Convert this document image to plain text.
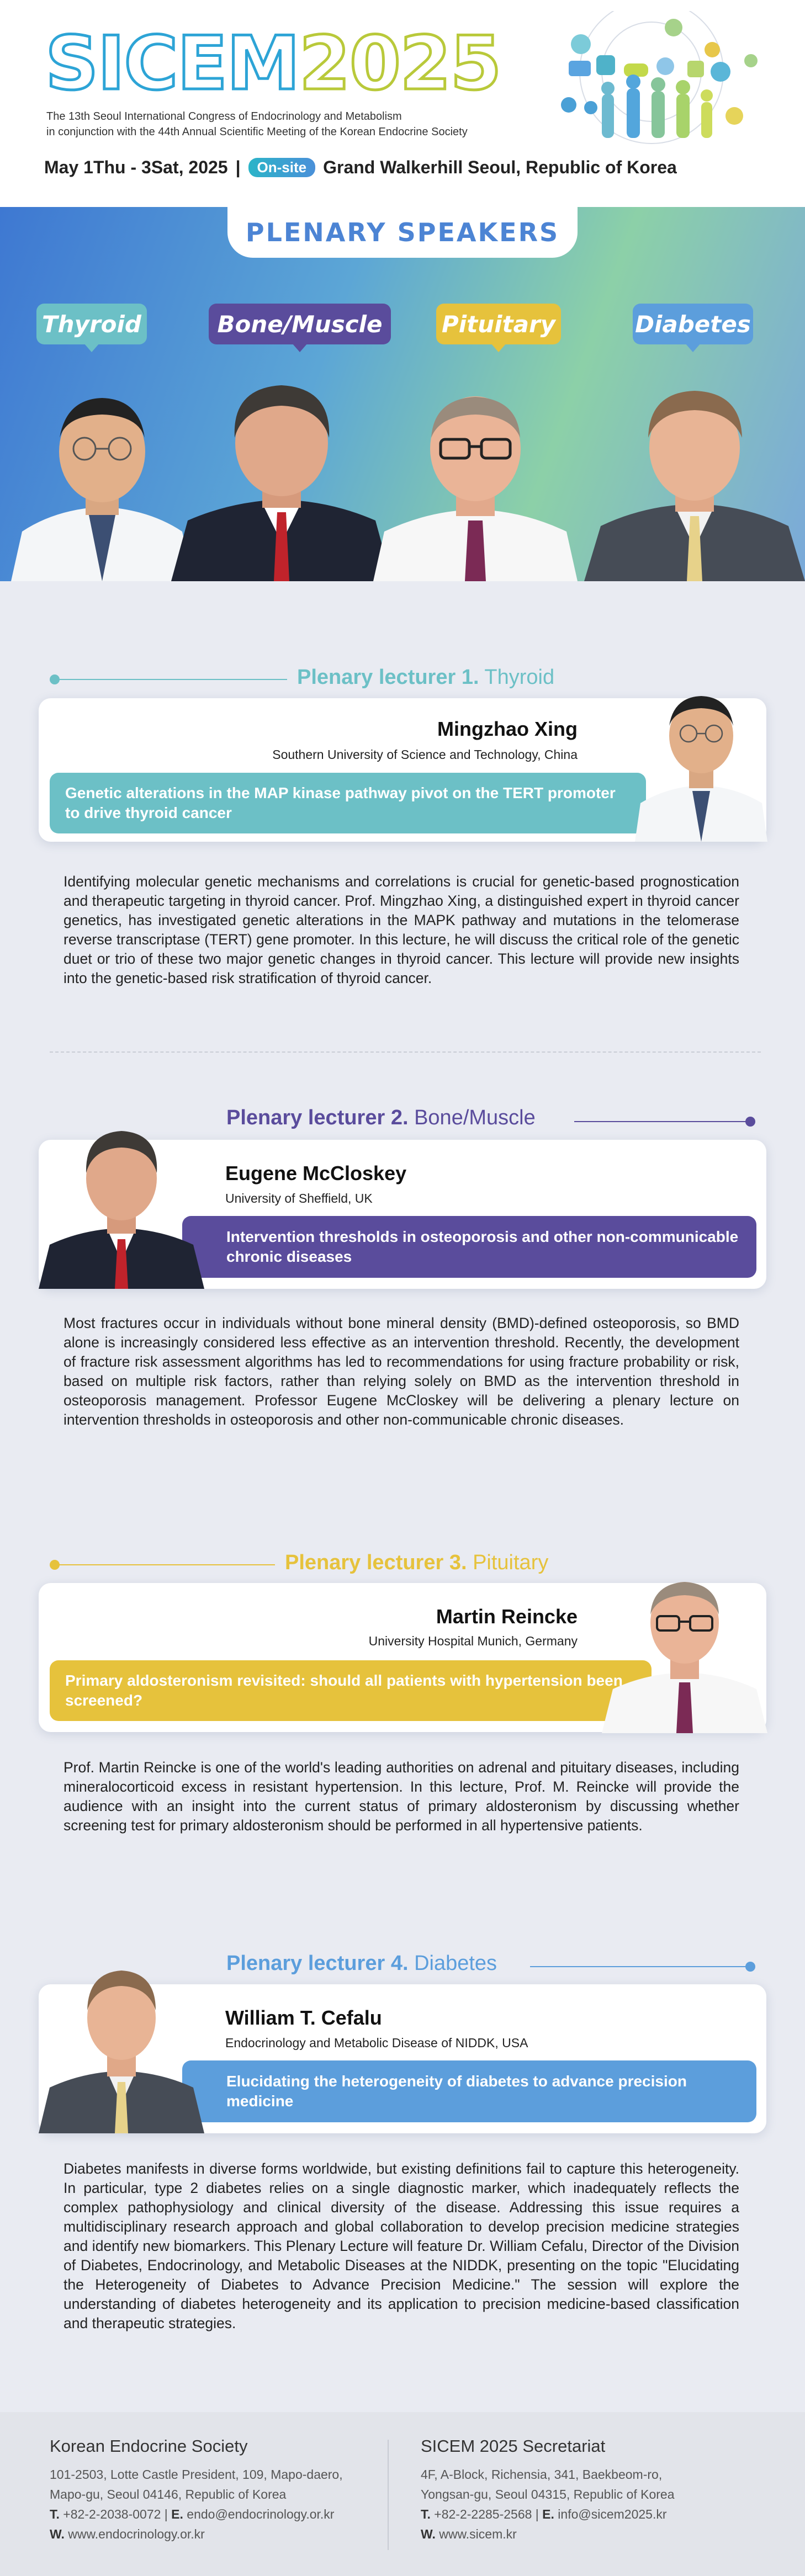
SICEM2025
The 13th Seoul International Congress of Endocrinology and Metabolism
in conjunction with the 44th Annual Scientific Meeting of the Korean Endocrine Society
May 1Thu - 3Sat, 2025 |	On-site Grand Walkerhill Seoul, Republic of Korea
PLENARY SPEAKERS
Thyroid	Bone/Muscle	Pituitary	Diabetes
Plenary lecturer 1. Thyroid
Mingzhao Xing
Southern University of Science and Technology, China
Genetic alterations in the MAP kinase pathway pivot on the TERT promoter to drive thyroid cancer
Identifying molecular genetic mechanisms and correlations is crucial for genetic-based prognostication and therapeutic targeting in thyroid cancer. Prof. Mingzhao Xing, a distinguished expert in thyroid cancer genetics, has investigated genetic alterations in the MAPK pathway and mutations in the telomerase reverse transcriptase (TERT) gene promoter. In this lecture, he will discuss the critical role of the genetic duet or trio of these two major genetic changes in thyroid cancer. This lecture will provide new insights into the genetic-based risk stratification of thyroid cancer.
Plenary lecturer 2. Bone/Muscle
Eugene McCloskey
University of Sheffield, UK
Intervention thresholds in osteoporosis and other non-communicable chronic diseases
Most fractures occur in individuals without bone mineral density (BMD)-defined osteoporosis, so BMD alone is increasingly considered less effective as an intervention threshold. Recently, the development of fracture risk assessment algorithms has led to recommendations for using fracture probability or risk, based on multiple risk factors, rather than relying solely on BMD as the intervention threshold in osteoporosis management. Professor Eugene McCloskey will be delivering a plenary lecture on intervention thresholds in osteoporosis and other non-communicable chronic diseases.
Plenary lecturer 3. Pituitary
Martin Reincke
University Hospital Munich, Germany
Primary aldosteronism revisited: should all patients with hypertension been screened?
Prof. Martin Reincke is one of the world's leading authorities on adrenal and pituitary diseases, including mineralocorticoid excess in resistant hypertension. In this lecture, Prof. M. Reincke will provide the audience with an insight into the current status of primary aldosteronism by discussing whether screening test for primary aldosteronism should be performed in all hypertensive patients.
Plenary lecturer 4. Diabetes
William T. Cefalu
Endocrinology and Metabolic Disease of NIDDK, USA
Elucidating the heterogeneity of diabetes to advance precision medicine
Diabetes manifests in diverse forms worldwide, but existing definitions fail to capture this heterogeneity. In particular, type 2 diabetes relies on a single diagnostic marker, which inadequately reflects the complex pathophysiology and clinical diversity of the disease. Addressing this issue requires a multidisciplinary research approach and global collaboration to develop precision medicine strategies and identify new biomarkers. This Plenary Lecture will feature Dr. William Cefalu, Director of the Division of Diabetes, Endocrinology, and Metabolic Diseases at the NIDDK, presenting on the topic "Elucidating the Heterogeneity of Diabetes to Advance Precision Medicine." The session will explore the understanding of diabetes heterogeneity and its application to precision medicine-based classification and therapeutic strategies.
Korean Endocrine Society
101-2503, Lotte Castle President, 109, Mapo-daero,
Mapo-gu, Seoul 04146, Republic of Korea
T. +82-2-2038-0072 | E. endo@endocrinology.or.kr
W. www.endocrinology.or.kr
SICEM 2025 Secretariat
4F, A-Block, Richensia, 341, Baekbeom-ro,
Yongsan-gu, Seoul 04315, Republic of Korea
T. +82-2-2285-2568 | E. info@sicem2025.kr
W. www.sicem.kr
